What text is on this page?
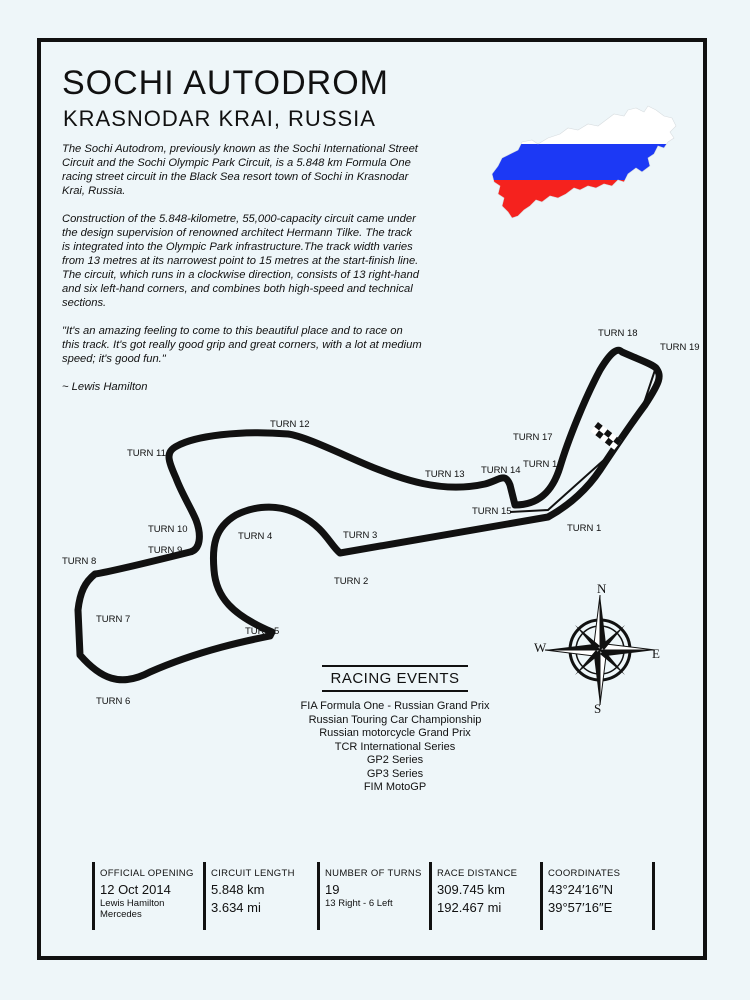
SOCHI AUTODROM
KRASNODAR KRAI, RUSSIA

The Sochi Autodrom, previously known as the Sochi International Street Circuit and the Sochi Olympic Park Circuit, is a 5.848 km Formula One racing street circuit in the Black Sea resort town of Sochi in Krasnodar Krai, Russia.

Construction of the 5.848-kilometre, 55,000-capacity circuit came under the design supervision of renowned architect Hermann Tilke. The track is integrated into the Olympic Park infrastructure.The track width varies from 13 metres at its narrowest point to 15 metres at the start-finish line. The circuit, which runs in a clockwise direction, consists of 13 right-hand and six left-hand corners, and combines both high-speed and technical sections.

"It's an amazing feeling to come to this beautiful place and to race on this track. It's got really good grip and great corners, with a lot at medium speed; it's good fun."

~ Lewis Hamilton

TURN 1
TURN 2
TURN 3
TURN 4
TURN 5
TURN 6
TURN 7
TURN 8
TURN 9
TURN 10
TURN 11
TURN 12
TURN 13 TURN 14
TURN 15
TURN 16
TURN 17
TURN 18
TURN 19
N
S
E
W
RACING EVENTS
FIA Formula One - Russian Grand Prix
Russian Touring Car Championship
Russian motorcycle Grand Prix
TCR International Series
GP2 Series
GP3 Series
FIM MotoGP
OFFICIAL OPENING
12 Oct 2014
Lewis Hamilton
Mercedes
CIRCUIT LENGTH
5.848 km
3.634 mi
NUMBER OF TURNS
19
13 Right - 6 Left
RACE DISTANCE
309.745 km
192.467 mi
COORDINATES
43°24′16″N
39°57′16″E
